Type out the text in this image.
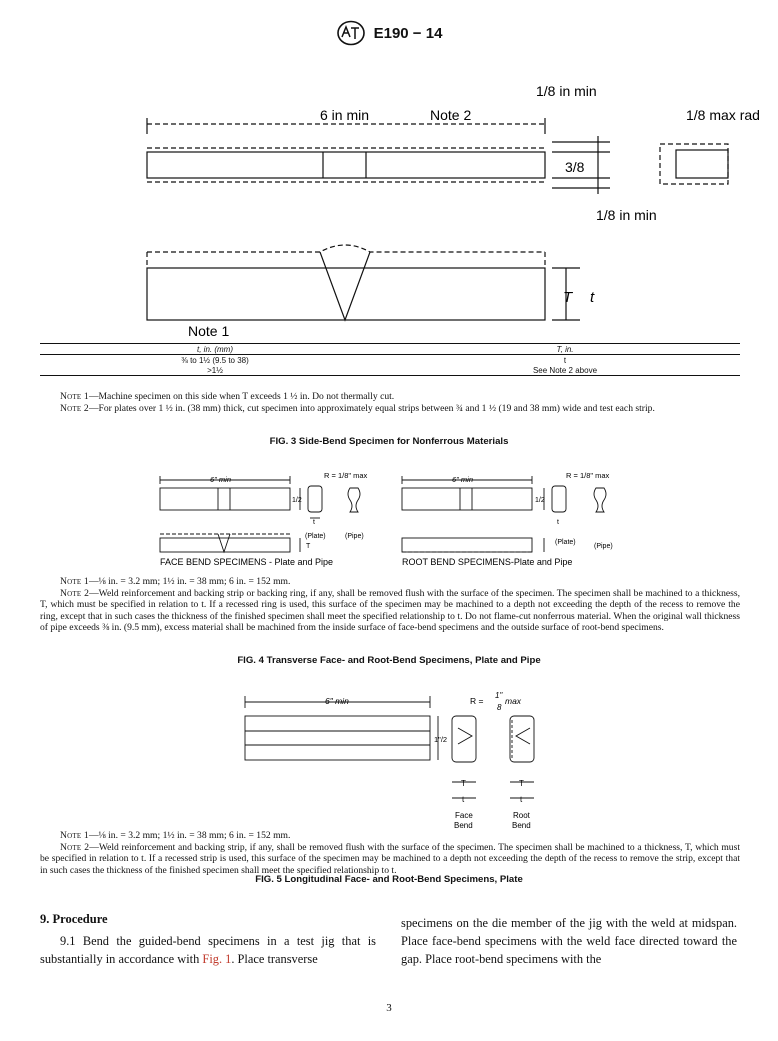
E190 − 14
1/8 in min
6 in min	Note 2	1/8 max rad
3/8
1/8 in min
T t
Note 1
t, in. (mm)	T, in.
⅜ to 1½ (9.5 to 38)	t
>1½	See Note 2 above
Note 1—Machine specimen on this side when T exceeds 1 ½ in. Do not thermally cut.
Note 2—For plates over 1 ½ in. (38 mm) thick, cut specimen into approximately equal strips between ¾ and 1 ½ (19 and 38 mm) wide and test each strip.
FIG. 3 Side-Bend Specimen for Nonferrous Materials
6" min	R = 1/8" max
1/2
t
(Plate)	(Pipe)
T
FACE BEND SPECIMENS - Plate and Pipe
6" min	R = 1/8" max
1/2
t
(Plate)
(Pipe)
ROOT BEND SPECIMENS-Plate and Pipe
Note 1—⅛ in. = 3.2 mm; 1½ in. = 38 mm; 6 in. = 152 mm.
Note 2—Weld reinforcement and backing strip or backing ring, if any, shall be removed flush with the surface of the specimen. The specimen shall be machined to a thickness, T, which must be specified in relation to t. If a recessed ring is used, this surface of the specimen may be machined to a depth not exceeding the depth of the recess to remove the ring, except that in such cases the thickness of the finished specimen shall meet the specified relationship to t. Do not flame-cut nonferrous material. When the original wall thickness of pipe exceeds ⅜ in. (9.5 mm), excess material shall be machined from the inside surface of face-bend specimens and the outside surface of root-bend specimens.
FIG. 4 Transverse Face- and Root-Bend Specimens, Plate and Pipe
6" min	R =
1"
8
max
1"/2
T
t
T
t
Face
Bend
Root
Bend
Note 1—⅛ in. = 3.2 mm; 1½ in. = 38 mm; 6 in. = 152 mm.
Note 2—Weld reinforcement and backing strip, if any, shall be removed flush with the surface of the specimen. The specimen shall be machined to a thickness, T, which must be specified in relation to t. If a recessed strip is used, this surface of the specimen may be machined to a depth not exceeding the depth of the recess to remove the strip, except that in such cases the thickness of the finished specimen shall meet the specified relationship to t.
FIG. 5 Longitudinal Face- and Root-Bend Specimens, Plate
9. Procedure
9.1 Bend the guided-bend specimens in a test jig that is substantially in accordance with Fig. 1. Place transverse
specimens on the die member of the jig with the weld at midspan. Place face-bend specimens with the weld face directed toward the gap. Place root-bend specimens with the
3
